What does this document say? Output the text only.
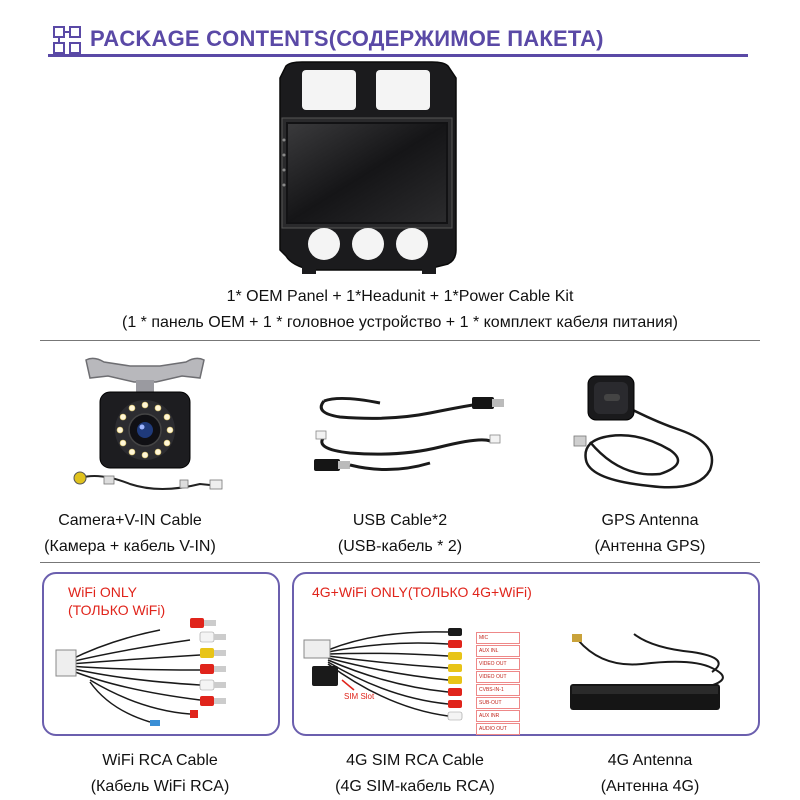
PACKAGE CONTENTS(СОДЕРЖИМОЕ ПАКЕТА)
1* OEM Panel + 1*Headunit + 1*Power Cable Kit
(1 * панель OEM + 1 * головное устройство + 1 * комплект кабеля питания)
Camera+V-IN Cable
(Камера + кабель V-IN)
USB Cable*2
(USB-кабель * 2)
GPS Antenna
(Антенна GPS)
WiFi ONLY
(ТОЛЬКО WiFi)
WiFi RCA Cable
(Кабель WiFi RCA)
4G+WiFi ONLY(ТОЛЬКО 4G+WiFi)
SIM Slot
MIC
AUX INL
VIDEO OUT
VIDEO OUT
CVBS-IN-1
SUB-OUT
AUX INR
AUDIO OUT
4G SIM RCA Cable
(4G SIM-кабель RCA)
4G Antenna
(Антенна 4G)
